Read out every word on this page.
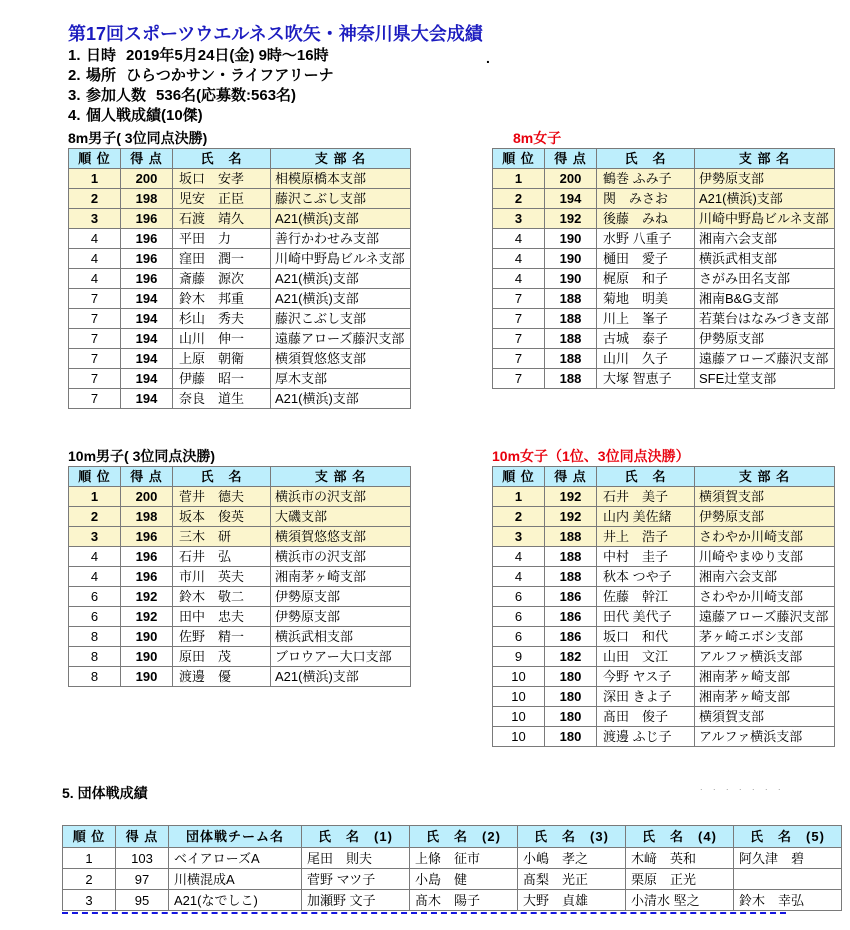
第17回スポーツウエルネス吹矢・神奈川県大会成績
.
1. 日時 2019年5月24日(金) 9時～16時
2. 場所 ひらつかサン・ライフアリーナ
3. 参加人数 536名(応募数:563名)
4. 個人戦成績(10傑)
8m男子( 3位同点決勝)
順 位	得 点	氏　名	支 部 名
1	200	坂口　安孝	相模原橋本支部
2	198	児安　正臣	藤沢こぶし支部
3	196	石渡　靖久	A21(横浜)支部
4	196	平田　力	善行かわせみ支部
4	196	窪田　潤一	川崎中野島ビルネ支部
4	196	斎藤　源次	A21(横浜)支部
7	194	鈴木　邦重	A21(横浜)支部
7	194	杉山　秀夫	藤沢こぶし支部
7	194	山川　伸一	遠藤アローズ藤沢支部
7	194	上原　朝衛	横須賀悠悠支部
7	194	伊藤　昭一	厚木支部
7	194	奈良　道生	A21(横浜)支部
8m女子
順 位	得 点	氏　名	支 部 名
1	200	鶴巻 ふみ子	伊勢原支部
2	194	関　みさお	A21(横浜)支部
3	192	後藤　みね	川崎中野島ビルネ支部
4	190	水野 八重子	湘南六会支部
4	190	樋田　愛子	横浜武相支部
4	190	梶原　和子	さがみ田名支部
7	188	菊地　明美	湘南B&G支部
7	188	川上　峯子	若葉台はなみづき支部
7	188	古城　泰子	伊勢原支部
7	188	山川　久子	遠藤アローズ藤沢支部
7	188	大塚 智恵子	SFE辻堂支部
10m男子( 3位同点決勝)
順 位	得 点	氏　名	支 部 名
1	200	菅井　德夫	横浜市の沢支部
2	198	坂本　俊英	大磯支部
3	196	三木　研	横須賀悠悠支部
4	196	石井　弘	横浜市の沢支部
4	196	市川　英夫	湘南茅ヶ崎支部
6	192	鈴木　敬二	伊勢原支部
6	192	田中　忠夫	伊勢原支部
8	190	佐野　精一	横浜武相支部
8	190	原田　茂	ブロウアー大口支部
8	190	渡邊　優	A21(横浜)支部
10m女子（1位、3位同点決勝）
順 位	得 点	氏　名	支 部 名
1	192	石井　美子	横須賀支部
2	192	山内 美佐緒	伊勢原支部
3	188	井上　浩子	さわやか川崎支部
4	188	中村　圭子	川崎やまゆり支部
4	188	秋本 つや子	湘南六会支部
6	186	佐藤　幹江	さわやか川崎支部
6	186	田代 美代子	遠藤アローズ藤沢支部
6	186	坂口　和代	茅ヶ崎エボシ支部
9	182	山田　文江	アルファ横浜支部
10	180	今野 ヤス子	湘南茅ヶ崎支部
10	180	深田 きよ子	湘南茅ヶ崎支部
10	180	髙田　俊子	横須賀支部
10	180	渡邊 ふじ子	アルファ横浜支部
5. 団体戦成績	. . . . . . .
順 位	得 点	団体戦チーム名	氏　名　(1)	氏　名　(2)	氏　名　(3)	氏　名　(4)	氏　名　(5)
1	103	ベイアローズA	尾田　則夫	上條　征市	小嶋　孝之	木﨑　英和	阿久津　碧
2	97	川横混成A	菅野 マツ子	小島　健	髙梨　光正	栗原　正光	
3	95	A21(なでしこ)	加瀬野 文子	髙木　陽子	大野　貞雄	小清水 堅之	鈴木　幸弘
